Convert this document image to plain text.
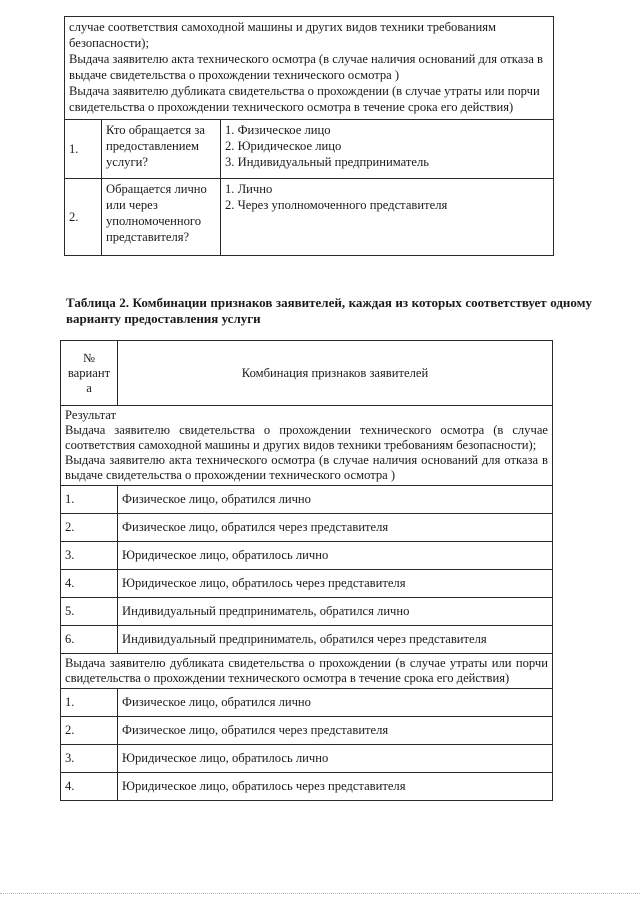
случае соответствия самоходной машины и других видов техники требованиям безопасности);
Выдача заявителю акта технического осмотра (в случае наличия оснований для отказа в выдаче свидетельства о прохождении технического осмотра )
Выдача заявителю дубликата свидетельства о прохождении (в случае утраты или порчи свидетельства о прохождении технического осмотра в течение срока его действия)		

1.	Кто обращается за предоставлением услуги?	1. Физическое лицо
2. Юридическое лицо
3. Индивидуальный предприниматель

2.	Обращается лично или через уполномоченного представителя?	1. Лично
2. Через уполномоченного представителя
Таблица 2. Комбинации признаков заявителей, каждая из которых соответствует одному варианту предоставления услуги
№ вариант а	Комбинация признаков заявителей

Результат
Выдача заявителю свидетельства о прохождении технического осмотра (в случае соответствия самоходной машины и других видов техники требованиям безопасности);
Выдача заявителю акта технического осмотра (в случае наличия оснований для отказа в выдаче свидетельства о прохождении технического осмотра )	

1.	Физическое лицо, обратился лично
2.	Физическое лицо, обратился через представителя
3.	Юридическое лицо, обратилось лично
4.	Юридическое лицо, обратилось через представителя
5.	Индивидуальный предприниматель, обратился лично
6.	Индивидуальный предприниматель, обратился через представителя
Выдача заявителю дубликата свидетельства о прохождении (в случае утраты или порчи свидетельства о прохождении технического осмотра в течение срока его действия)	
1.	Физическое лицо, обратился лично
2.	Физическое лицо, обратился через представителя
3.	Юридическое лицо, обратилось лично
4.	Юридическое лицо, обратилось через представителя
